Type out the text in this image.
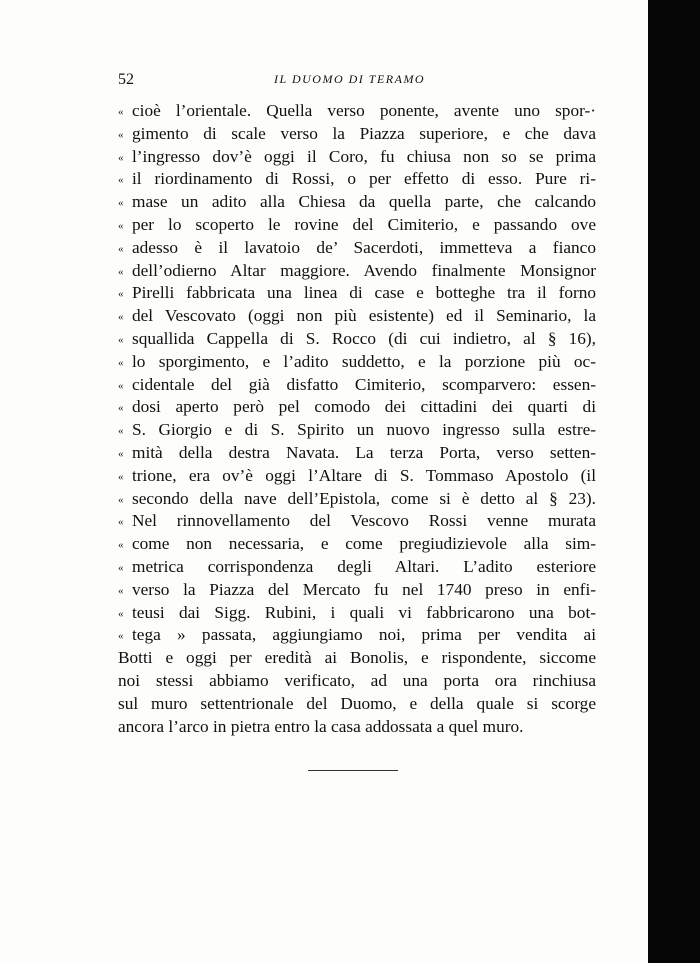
52	IL DUOMO DI TERAMO
« cioè l’orientale. Quella verso ponente, avente uno spor-·
« gimento di scale verso la Piazza superiore, e che dava
« l’ingresso dov’è oggi il Coro, fu chiusa non so se prima
« il riordinamento di Rossi, o per effetto di esso. Pure ri-
« mase un adito alla Chiesa da quella parte, che calcando
« per lo scoperto le rovine del Cimiterio, e passando ove
« adesso è il lavatoio de’ Sacerdoti, immetteva a fianco
« dell’odierno Altar maggiore. Avendo finalmente Monsignor
« Pirelli fabbricata una linea di case e botteghe tra il forno
« del Vescovato (oggi non più esistente) ed il Seminario, la
« squallida Cappella di S. Rocco (di cui indietro, al § 16),
« lo sporgimento, e l’adito suddetto, e la porzione più oc-
« cidentale del già disfatto Cimiterio, scomparvero: essen-
« dosi aperto però pel comodo dei cittadini dei quarti di
« S. Giorgio e di S. Spirito un nuovo ingresso sulla estre-
« mità della destra Navata. La terza Porta, verso setten-
« trione, era ov’è oggi l’Altare di S. Tommaso Apostolo (il
« secondo della nave dell’Epistola, come si è detto al § 23).
« Nel rinnovellamento del Vescovo Rossi venne murata
« come non necessaria, e come pregiudizievole alla sim-
« metrica corrispondenza degli Altari. L’adito esteriore
« verso la Piazza del Mercato fu nel 1740 preso in enfi-
« teusi dai Sigg. Rubini, i quali vi fabbricarono una bot-
« tega » passata, aggiungiamo noi, prima per vendita ai
Botti e oggi per eredità ai Bonolis, e rispondente, siccome
noi stessi abbiamo verificato, ad una porta ora rinchiusa
sul muro settentrionale del Duomo, e della quale si scorge
ancora l’arco in pietra entro la casa addossata a quel muro.
